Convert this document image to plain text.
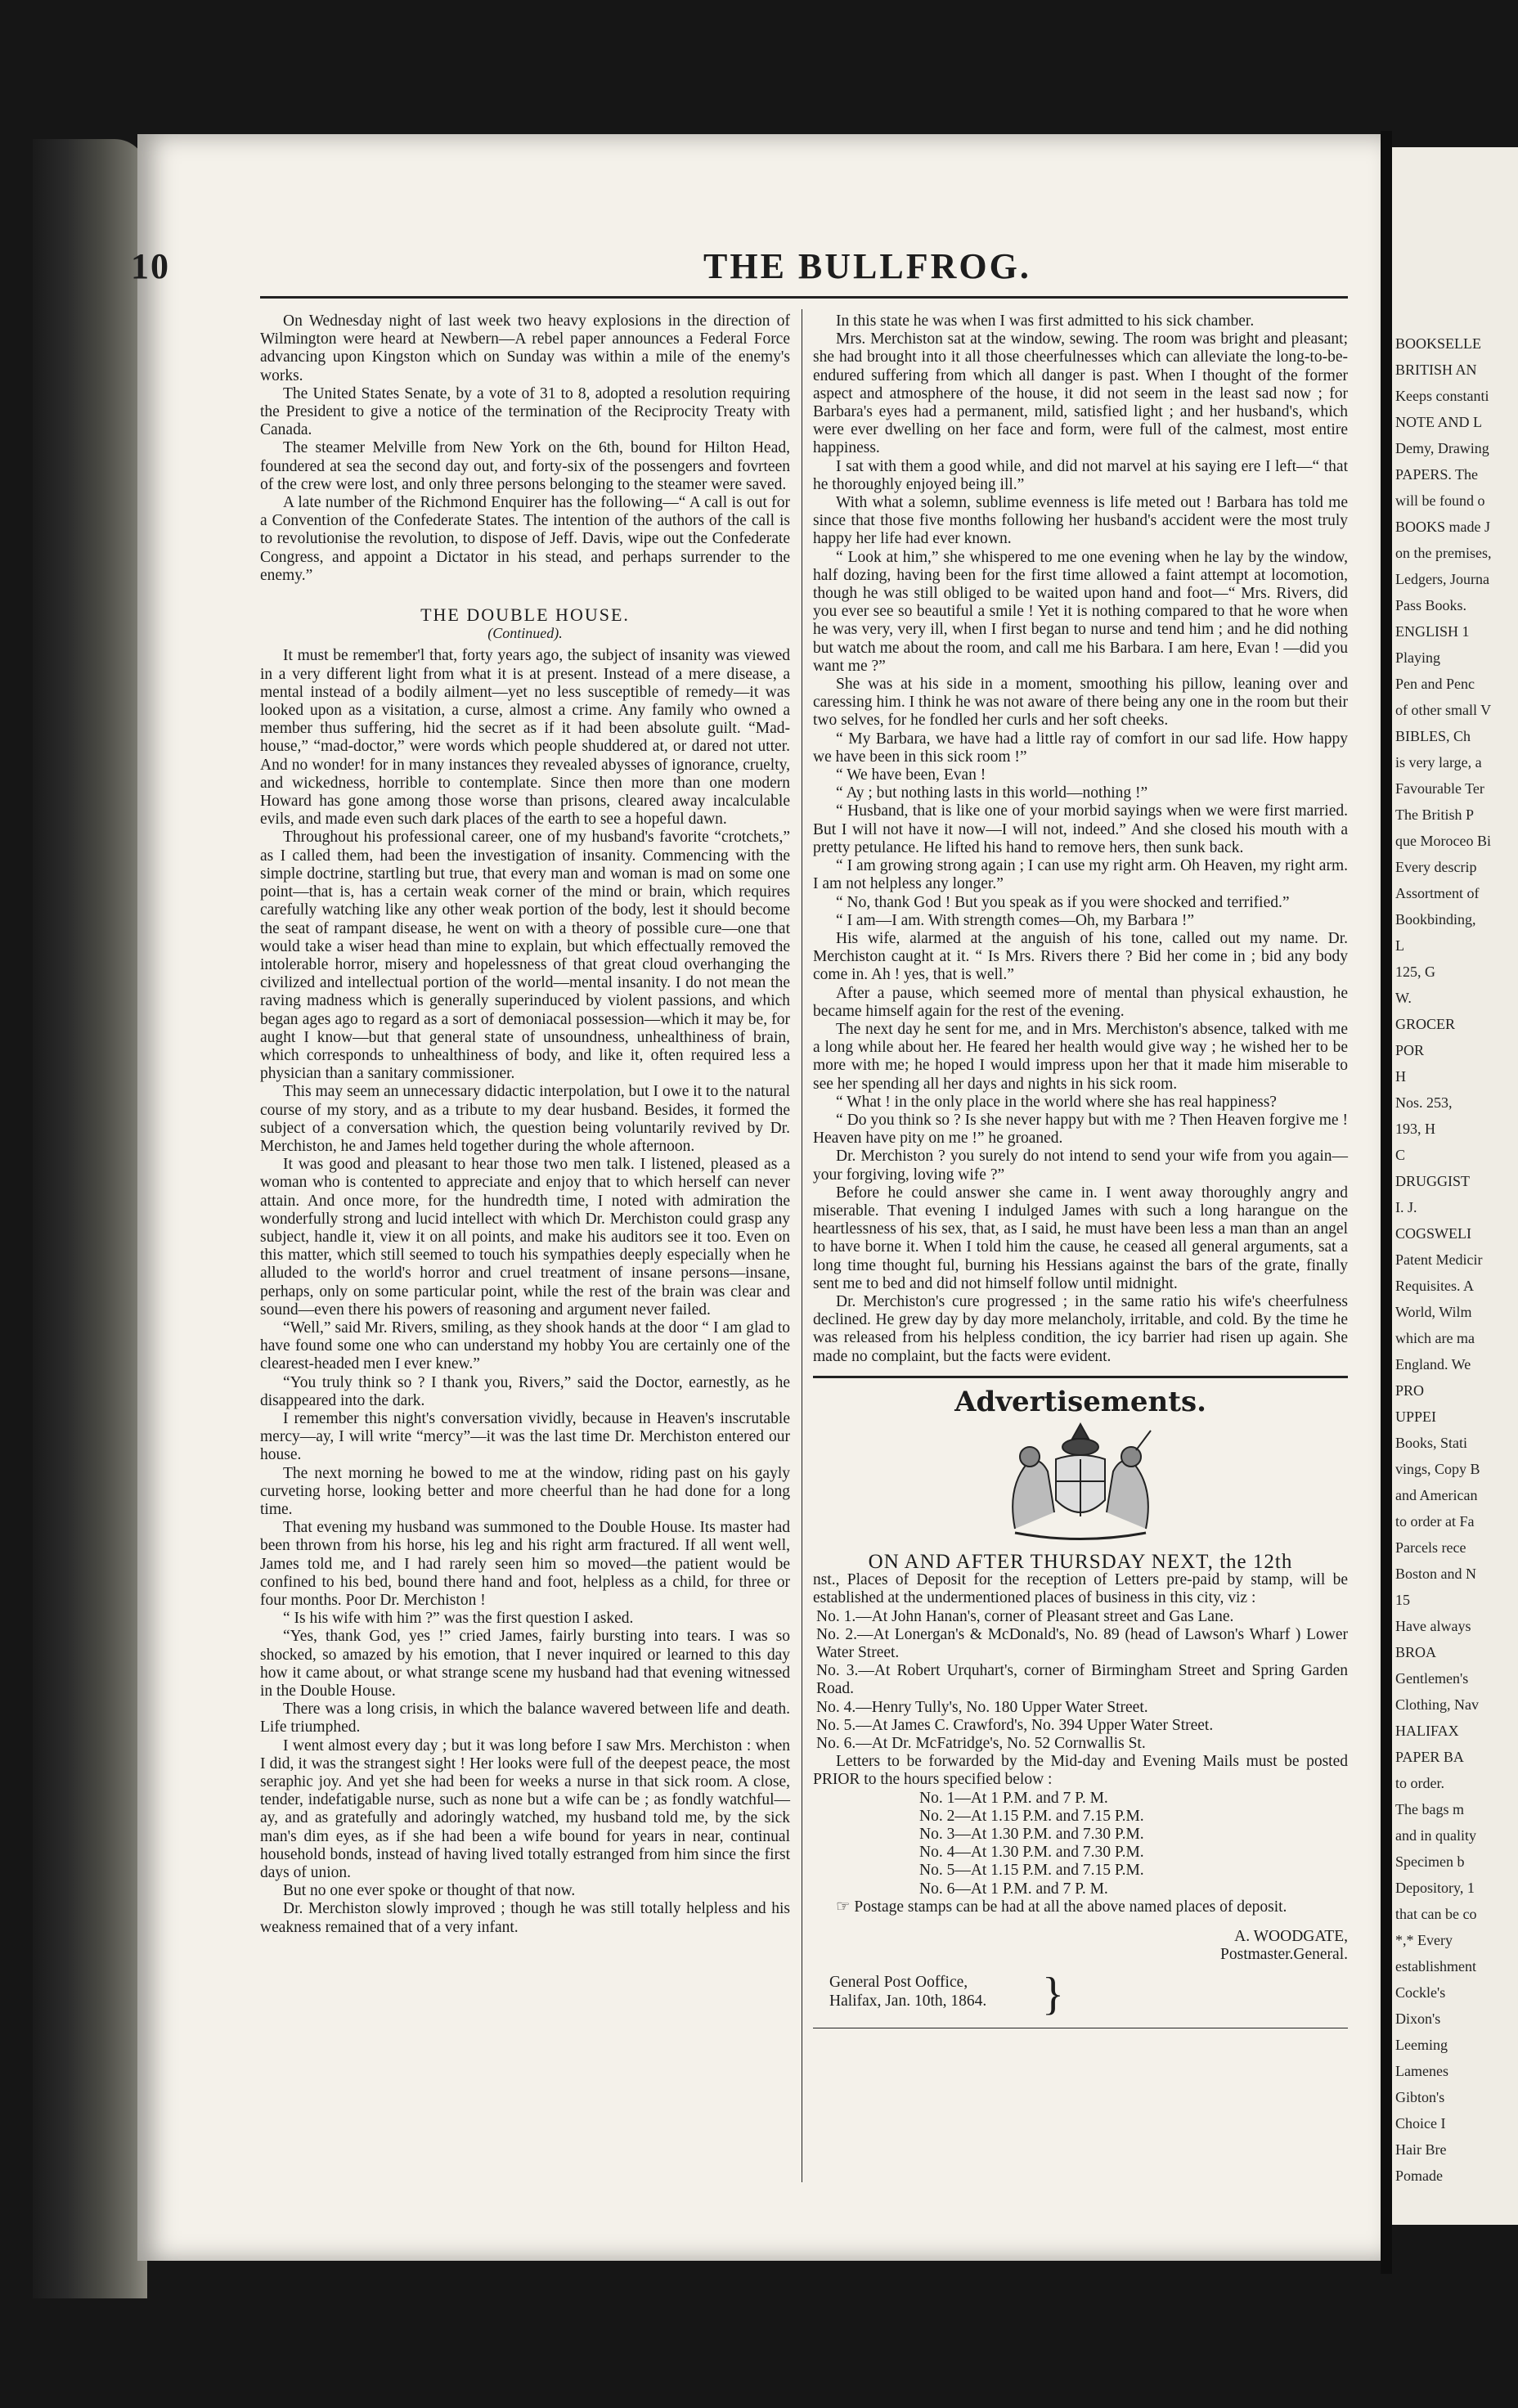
10	THE BULLFROG.

On Wednesday night of last week two heavy explosions in the direction of Wilmington were heard at Newbern—A rebel paper announces a Federal Force advancing upon Kingston which on Sunday was within a mile of the enemy's works.

The United States Senate, by a vote of 31 to 8, adopted a resolution requiring the President to give a notice of the termination of the Reciprocity Treaty with Canada.

The steamer Melville from New York on the 6th, bound for Hilton Head, foundered at sea the second day out, and forty-six of the possengers and fovrteen of the crew were lost, and only three persons belonging to the steamer were saved.

A late number of the Richmond Enquirer has the following—“ A call is out for a Convention of the Confederate States. The intention of the authors of the call is to revolutionise the revolution, to dispose of Jeff. Davis, wipe out the Confederate Congress, and appoint a Dictator in his stead, and perhaps surrender to the enemy.”

THE DOUBLE HOUSE.
(Continued).

It must be remember'l that, forty years ago, the subject of insanity was viewed in a very different light from what it is at present. Instead of a mere disease, a mental instead of a bodily ailment—yet no less susceptible of remedy—it was looked upon as a visitation, a curse, almost a crime. Any family who owned a member thus suffering, hid the secret as if it had been absolute guilt. “Mad-house,” “mad-doctor,” were words which people shuddered at, or dared not utter. And no wonder! for in many instances they revealed abysses of ignorance, cruelty, and wickedness, horrible to contemplate. Since then more than one modern Howard has gone among those worse than prisons, cleared away incalculable evils, and made even such dark places of the earth to see a hopeful dawn.

Throughout his professional career, one of my husband's favorite “crotchets,” as I called them, had been the investigation of insanity. Commencing with the simple doctrine, startling but true, that every man and woman is mad on some one point—that is, has a certain weak corner of the mind or brain, which requires carefully watching like any other weak portion of the body, lest it should become the seat of rampant disease, he went on with a theory of possible cure—one that would take a wiser head than mine to explain, but which effectually removed the intolerable horror, misery and hopelessness of that great cloud overhanging the civilized and intellectual portion of the world—mental insanity. I do not mean the raving madness which is generally superinduced by violent passions, and which began ages ago to regard as a sort of demoniacal possession—which it may be, for aught I know—but that general state of unsoundness, unhealthiness of brain, which corresponds to unhealthiness of body, and like it, often required less a physician than a sanitary commissioner.

This may seem an unnecessary didactic interpolation, but I owe it to the natural course of my story, and as a tribute to my dear husband. Besides, it formed the subject of a conversation which, the question being voluntarily revived by Dr. Merchiston, he and James held together during the whole afternoon.

It was good and pleasant to hear those two men talk. I listened, pleased as a woman who is contented to appreciate and enjoy that to which herself can never attain. And once more, for the hundredth time, I noted with admiration the wonderfully strong and lucid intellect with which Dr. Merchiston could grasp any subject, handle it, view it on all points, and make his auditors see it too. Even on this matter, which still seemed to touch his sympathies deeply especially when he alluded to the world's horror and cruel treatment of insane persons—insane, perhaps, only on some particular point, while the rest of the brain was clear and sound—even there his powers of reasoning and argument never failed.

“Well,” said Mr. Rivers, smiling, as they shook hands at the door “ I am glad to have found some one who can understand my hobby You are certainly one of the clearest-headed men I ever knew.”

“You truly think so ? I thank you, Rivers,” said the Doctor, earnestly, as he disappeared into the dark.

I remember this night's conversation vividly, because in Heaven's inscrutable mercy—ay, I will write “mercy”—it was the last time Dr. Merchiston entered our house.

The next morning he bowed to me at the window, riding past on his gayly curveting horse, looking better and more cheerful than he had done for a long time.

That evening my husband was summoned to the Double House. Its master had been thrown from his horse, his leg and his right arm fractured. If all went well, James told me, and I had rarely seen him so moved—the patient would be confined to his bed, bound there hand and foot, helpless as a child, for three or four months. Poor Dr. Merchiston !

“ Is his wife with him ?” was the first question I asked.

“Yes, thank God, yes !” cried James, fairly bursting into tears. I was so shocked, so amazed by his emotion, that I never inquired or learned to this day how it came about, or what strange scene my husband had that evening witnessed in the Double House.

There was a long crisis, in which the balance wavered between life and death. Life triumphed.

I went almost every day ; but it was long before I saw Mrs. Merchiston : when I did, it was the strangest sight ! Her looks were full of the deepest peace, the most seraphic joy. And yet she had been for weeks a nurse in that sick room. A close, tender, indefatigable nurse, such as none but a wife can be ; as fondly watchful—ay, and as gratefully and adoringly watched, my husband told me, by the sick man's dim eyes, as if she had been a wife bound for years in near, continual household bonds, instead of having lived totally estranged from him since the first days of union.

But no one ever spoke or thought of that now.

Dr. Merchiston slowly improved ; though he was still totally helpless and his weakness remained that of a very infant.

In this state he was when I was first admitted to his sick chamber.

Mrs. Merchiston sat at the window, sewing. The room was bright and pleasant; she had brought into it all those cheerfulnesses which can alleviate the long-to-be-endured suffering from which all danger is past. When I thought of the former aspect and atmosphere of the house, it did not seem in the least sad now ; for Barbara's eyes had a permanent, mild, satisfied light ; and her husband's, which were ever dwelling on her face and form, were full of the calmest, most entire happiness.

I sat with them a good while, and did not marvel at his saying ere I left—“ that he thoroughly enjoyed being ill.”

With what a solemn, sublime evenness is life meted out ! Barbara has told me since that those five months following her husband's accident were the most truly happy her life had ever known.

“ Look at him,” she whispered to me one evening when he lay by the window, half dozing, having been for the first time allowed a faint attempt at locomotion, though he was still obliged to be waited upon hand and foot—“ Mrs. Rivers, did you ever see so beautiful a smile ! Yet it is nothing compared to that he wore when he was very, very ill, when I first began to nurse and tend him ; and he did nothing but watch me about the room, and call me his Barbara. I am here, Evan ! —did you want me ?”

She was at his side in a moment, smoothing his pillow, leaning over and caressing him. I think he was not aware of there being any one in the room but their two selves, for he fondled her curls and her soft cheeks.

“ My Barbara, we have had a little ray of comfort in our sad life. How happy we have been in this sick room !”

“ We have been, Evan !

“ Ay ; but nothing lasts in this world—nothing !”

“ Husband, that is like one of your morbid sayings when we were first married. But I will not have it now—I will not, indeed.” And she closed his mouth with a pretty petulance. He lifted his hand to remove hers, then sunk back.

“ I am growing strong again ; I can use my right arm. Oh Heaven, my right arm. I am not helpless any longer.”

“ No, thank God ! But you speak as if you were shocked and terrified.”

“ I am—I am. With strength comes—Oh, my Barbara !”

His wife, alarmed at the anguish of his tone, called out my name. Dr. Merchiston caught at it. “ Is Mrs. Rivers there ? Bid her come in ; bid any body come in. Ah ! yes, that is well.”

After a pause, which seemed more of mental than physical exhaustion, he became himself again for the rest of the evening.

The next day he sent for me, and in Mrs. Merchiston's absence, talked with me a long while about her. He feared her health would give way ; he wished her to be more with me; he hoped I would impress upon her that it made him miserable to see her spending all her days and nights in his sick room.

“ What ! in the only place in the world where she has real happiness?

“ Do you think so ? Is she never happy but with me ? Then Heaven forgive me ! Heaven have pity on me !” he groaned.

Dr. Merchiston ? you surely do not intend to send your wife from you again—your forgiving, loving wife ?”

Before he could answer she came in. I went away thoroughly angry and miserable. That evening I indulged James with such a long harangue on the heartlessness of his sex, that, as I said, he must have been less a man than an angel to have borne it. When I told him the cause, he ceased all general arguments, sat a long time thought ful, burning his Hessians against the bars of the grate, finally sent me to bed and did not himself follow until midnight.

Dr. Merchiston's cure progressed ; in the same ratio his wife's cheerfulness declined. He grew day by day more melancholy, irritable, and cold. By the time he was released from his helpless condition, the icy barrier had risen up again. She made no complaint, but the facts were evident.

Advertisements.
ON AND AFTER THURSDAY NEXT, the 12th

nst., Places of Deposit for the reception of Letters pre-paid by stamp, will be established at the undermentioned places of business in this city, viz :

No. 1.—At John Hanan's, corner of Pleasant street and Gas Lane.

No. 2.—At Lonergan's & McDonald's, No. 89 (head of Lawson's Wharf ) Lower Water Street.

No. 3.—At Robert Urquhart's, corner of Birmingham Street and Spring Garden Road.

No. 4.—Henry Tully's, No. 180 Upper Water Street.

No. 5.—At James C. Crawford's, No. 394 Upper Water Street.

No. 6.—At Dr. McFatridge's, No. 52 Cornwallis St.

Letters to be forwarded by the Mid-day and Evening Mails must be posted PRIOR to the hours specified below :

No. 1—At 1 P.M. and 7 P. M.

No. 2—At 1.15 P.M. and 7.15 P.M.

No. 3—At 1.30 P.M. and 7.30 P.M.

No. 4—At 1.30 P.M. and 7.30 P.M.

No. 5—At 1.15 P.M. and 7.15 P.M.

No. 6—At 1 P.M. and 7 P. M.

☞ Postage stamps can be had at all the above named places of deposit.

A. WOODGATE,

Postmaster.General.

General Post Ooffice,
Halifax, Jan. 10th, 1864.	}
BOOKSELLE
BRITISH AN
Keeps constanti
NOTE AND L
Demy, Drawing
PAPERS. The
will be found o
BOOKS made J
on the premises,
Ledgers, Journa
Pass Books.
ENGLISH 1
Playing
Pen and Penc
of other small V
BIBLES, Ch
is very large, a
Favourable Ter
The British P
que Moroceo Bi
Every descrip
Assortment of
Bookbinding,
L
125, G
W.
GROCER
POR
H
Nos. 253,
193, H
C
DRUGGIST
I. J.
COGSWELI
Patent Medicir
Requisites. A
World, Wilm
which are ma
England. We
PRO
UPPEI
Books, Stati
vings, Copy B
and American
to order at Fa
Parcels rece
Boston and N
15
Have always
BROA
Gentlemen's
Clothing, Nav
HALIFAX
PAPER BA
to order.
The bags m
and in quality
Specimen b
Depository, 1
that can be co
*,* Every
establishment
Cockle's
Dixon's
Leeming
Lamenes
Gibton's
Choice I
Hair Bre
Pomade
